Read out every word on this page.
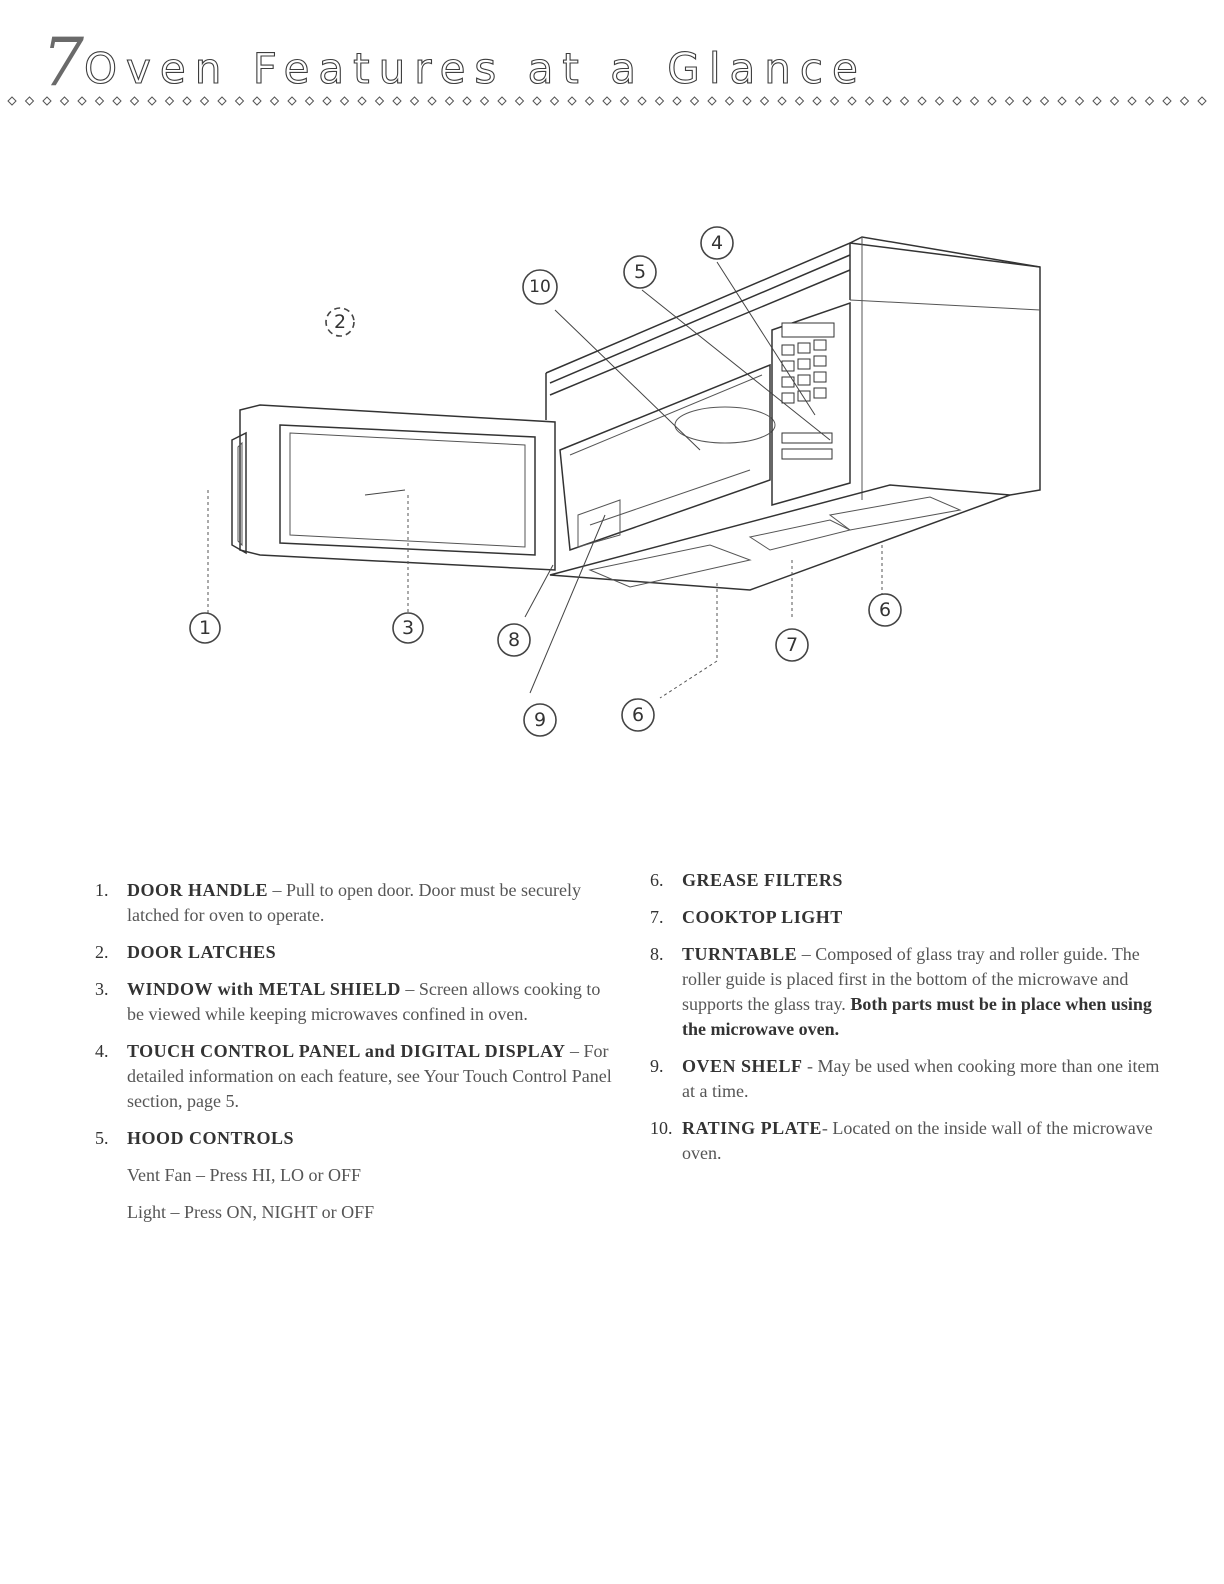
7 Oven Features at a Glance
1
2
3
4
5
6
7
8
9
10
6
1. DOOR HANDLE – Pull to open door. Door must be securely latched for oven to operate.
2. DOOR LATCHES
3. WINDOW with METAL SHIELD – Screen allows cooking to be viewed while keeping microwaves confined in oven.
4. TOUCH CONTROL PANEL and DIGITAL DISPLAY – For detailed information on each feature, see Your Touch Control Panel section, page 5.
5. HOOD CONTROLS
Vent Fan – Press HI, LO or OFF
Light – Press ON, NIGHT or OFF
6. GREASE FILTERS
7. COOKTOP LIGHT
8. TURNTABLE – Composed of glass tray and roller guide. The roller guide is placed first in the bottom of the microwave and supports the glass tray. Both parts must be in place when using the microwave oven.
9. OVEN SHELF - May be used when cooking more than one item at a time.
10. RATING PLATE- Located on the inside wall of the microwave oven.
